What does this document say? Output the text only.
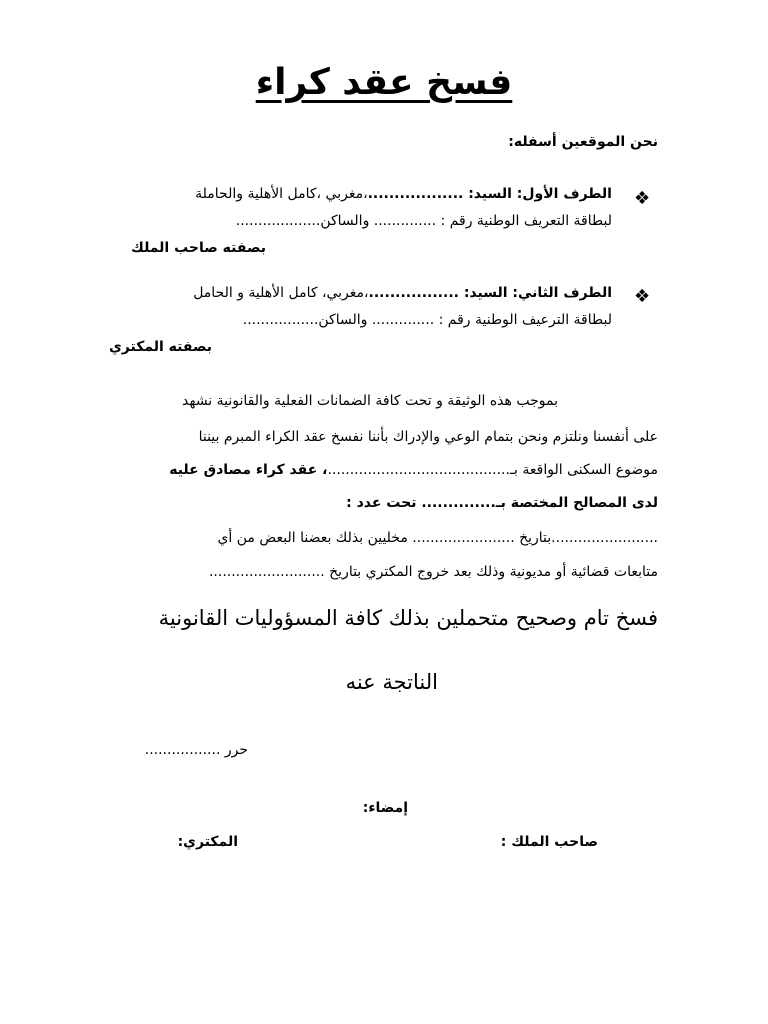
فسخ عقد كراء
نحن الموقعين أسفله:
❖
الطرف الأول: السيد: ..................،مغربي ،كامل الأهلية والحاملة
لبطاقة التعريف الوطنية رقم : .............. والساكن...................
بصفته صاحب الملك
❖
الطرف الثاني: السيد: .................،مغربي، كامل الأهلية و الحامل
لبطاقة الترعيف الوطنية رقم : .............. والساكن.................
بصفته المكتري
بموجب هذه الوثيقة و تحت كافة الضمانات الفعلية والقانونية نشهد
على أنفسنا ونلتزم ونحن بتمام الوعي والإدراك بأننا نفسخ عقد الكراء المبرم بيننا
موضوع السكنى الواقعة بـ.........................................، عقد كراء مصادق عليه
لدى المصالح المختصة بـ.............. تحت عدد :
........................بتاريخ ....................... مخليين بذلك بعضنا البعض من أي
متابعات قضائية أو مديونية وذلك بعد خروج المكتري بتاريخ ..........................
فسخ تام وصحيح متحملين بذلك كافة المسؤوليات القانونية
الناتجة عنه
حرر .................
إمضاء:
صاحب الملك :
المكتري:
